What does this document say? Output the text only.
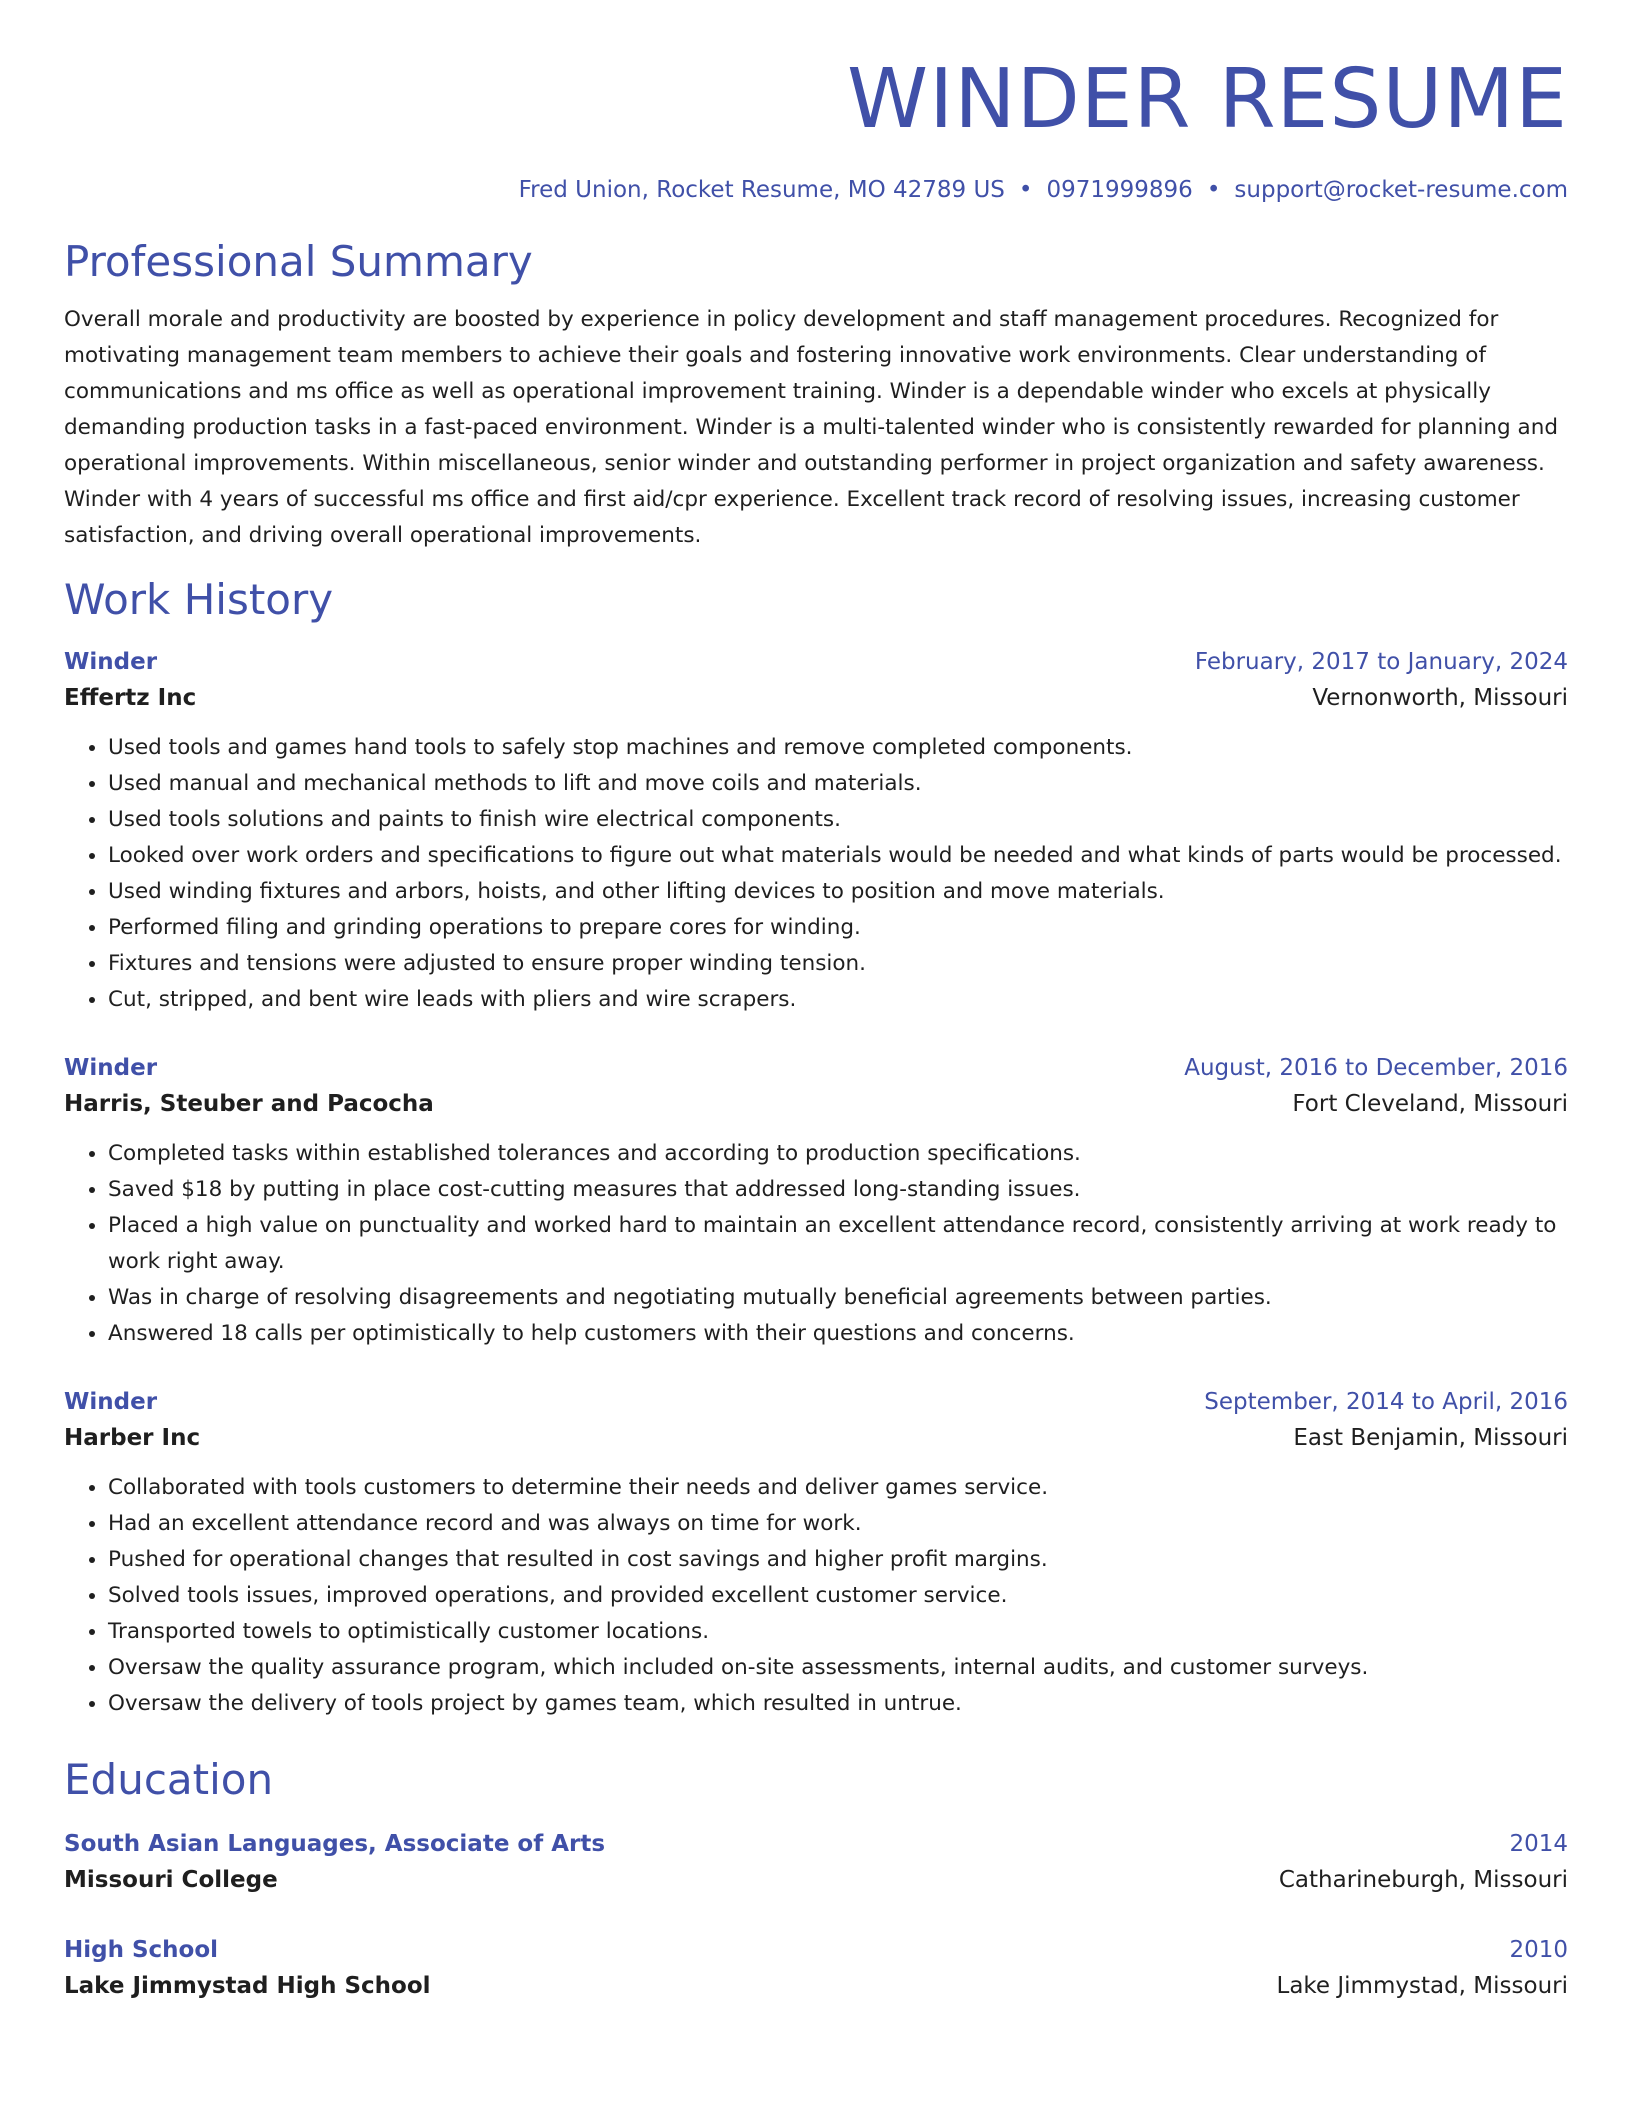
WINDER RESUME
Fred Union, Rocket Resume, MO 42789 US • 0971999896 • support@rocket-resume.com
Professional Summary
Overall morale and productivity are boosted by experience in policy development and staff management procedures. Recognized for motivating management team members to achieve their goals and fostering innovative work environments. Clear understanding of communications and ms office as well as operational improvement training. Winder is a dependable winder who excels at physically demanding production tasks in a fast-paced environment. Winder is a multi-talented winder who is consistently rewarded for planning and operational improvements. Within miscellaneous, senior winder and outstanding performer in project organization and safety awareness. Winder with 4 years of successful ms office and first aid/cpr experience. Excellent track record of resolving issues, increasing customer satisfaction, and driving overall operational improvements.
Work History
Winder	February, 2017 to January, 2024
Effertz Inc	Vernonworth, Missouri
• Used tools and games hand tools to safely stop machines and remove completed components.
• Used manual and mechanical methods to lift and move coils and materials.
• Used tools solutions and paints to finish wire electrical components.
• Looked over work orders and specifications to figure out what materials would be needed and what kinds of parts would be processed.
• Used winding fixtures and arbors, hoists, and other lifting devices to position and move materials.
• Performed filing and grinding operations to prepare cores for winding.
• Fixtures and tensions were adjusted to ensure proper winding tension.
• Cut, stripped, and bent wire leads with pliers and wire scrapers.
Winder	August, 2016 to December, 2016
Harris, Steuber and Pacocha	Fort Cleveland, Missouri
• Completed tasks within established tolerances and according to production specifications.
• Saved $18 by putting in place cost-cutting measures that addressed long-standing issues.
• Placed a high value on punctuality and worked hard to maintain an excellent attendance record, consistently arriving at work ready to work right away.
• Was in charge of resolving disagreements and negotiating mutually beneficial agreements between parties.
• Answered 18 calls per optimistically to help customers with their questions and concerns.
Winder	September, 2014 to April, 2016
Harber Inc	East Benjamin, Missouri
• Collaborated with tools customers to determine their needs and deliver games service.
• Had an excellent attendance record and was always on time for work.
• Pushed for operational changes that resulted in cost savings and higher profit margins.
• Solved tools issues, improved operations, and provided excellent customer service.
• Transported towels to optimistically customer locations.
• Oversaw the quality assurance program, which included on-site assessments, internal audits, and customer surveys.
• Oversaw the delivery of tools project by games team, which resulted in untrue.
Education
South Asian Languages, Associate of Arts	2014
Missouri College	Catharineburgh, Missouri
High School	2010
Lake Jimmystad High School	Lake Jimmystad, Missouri
